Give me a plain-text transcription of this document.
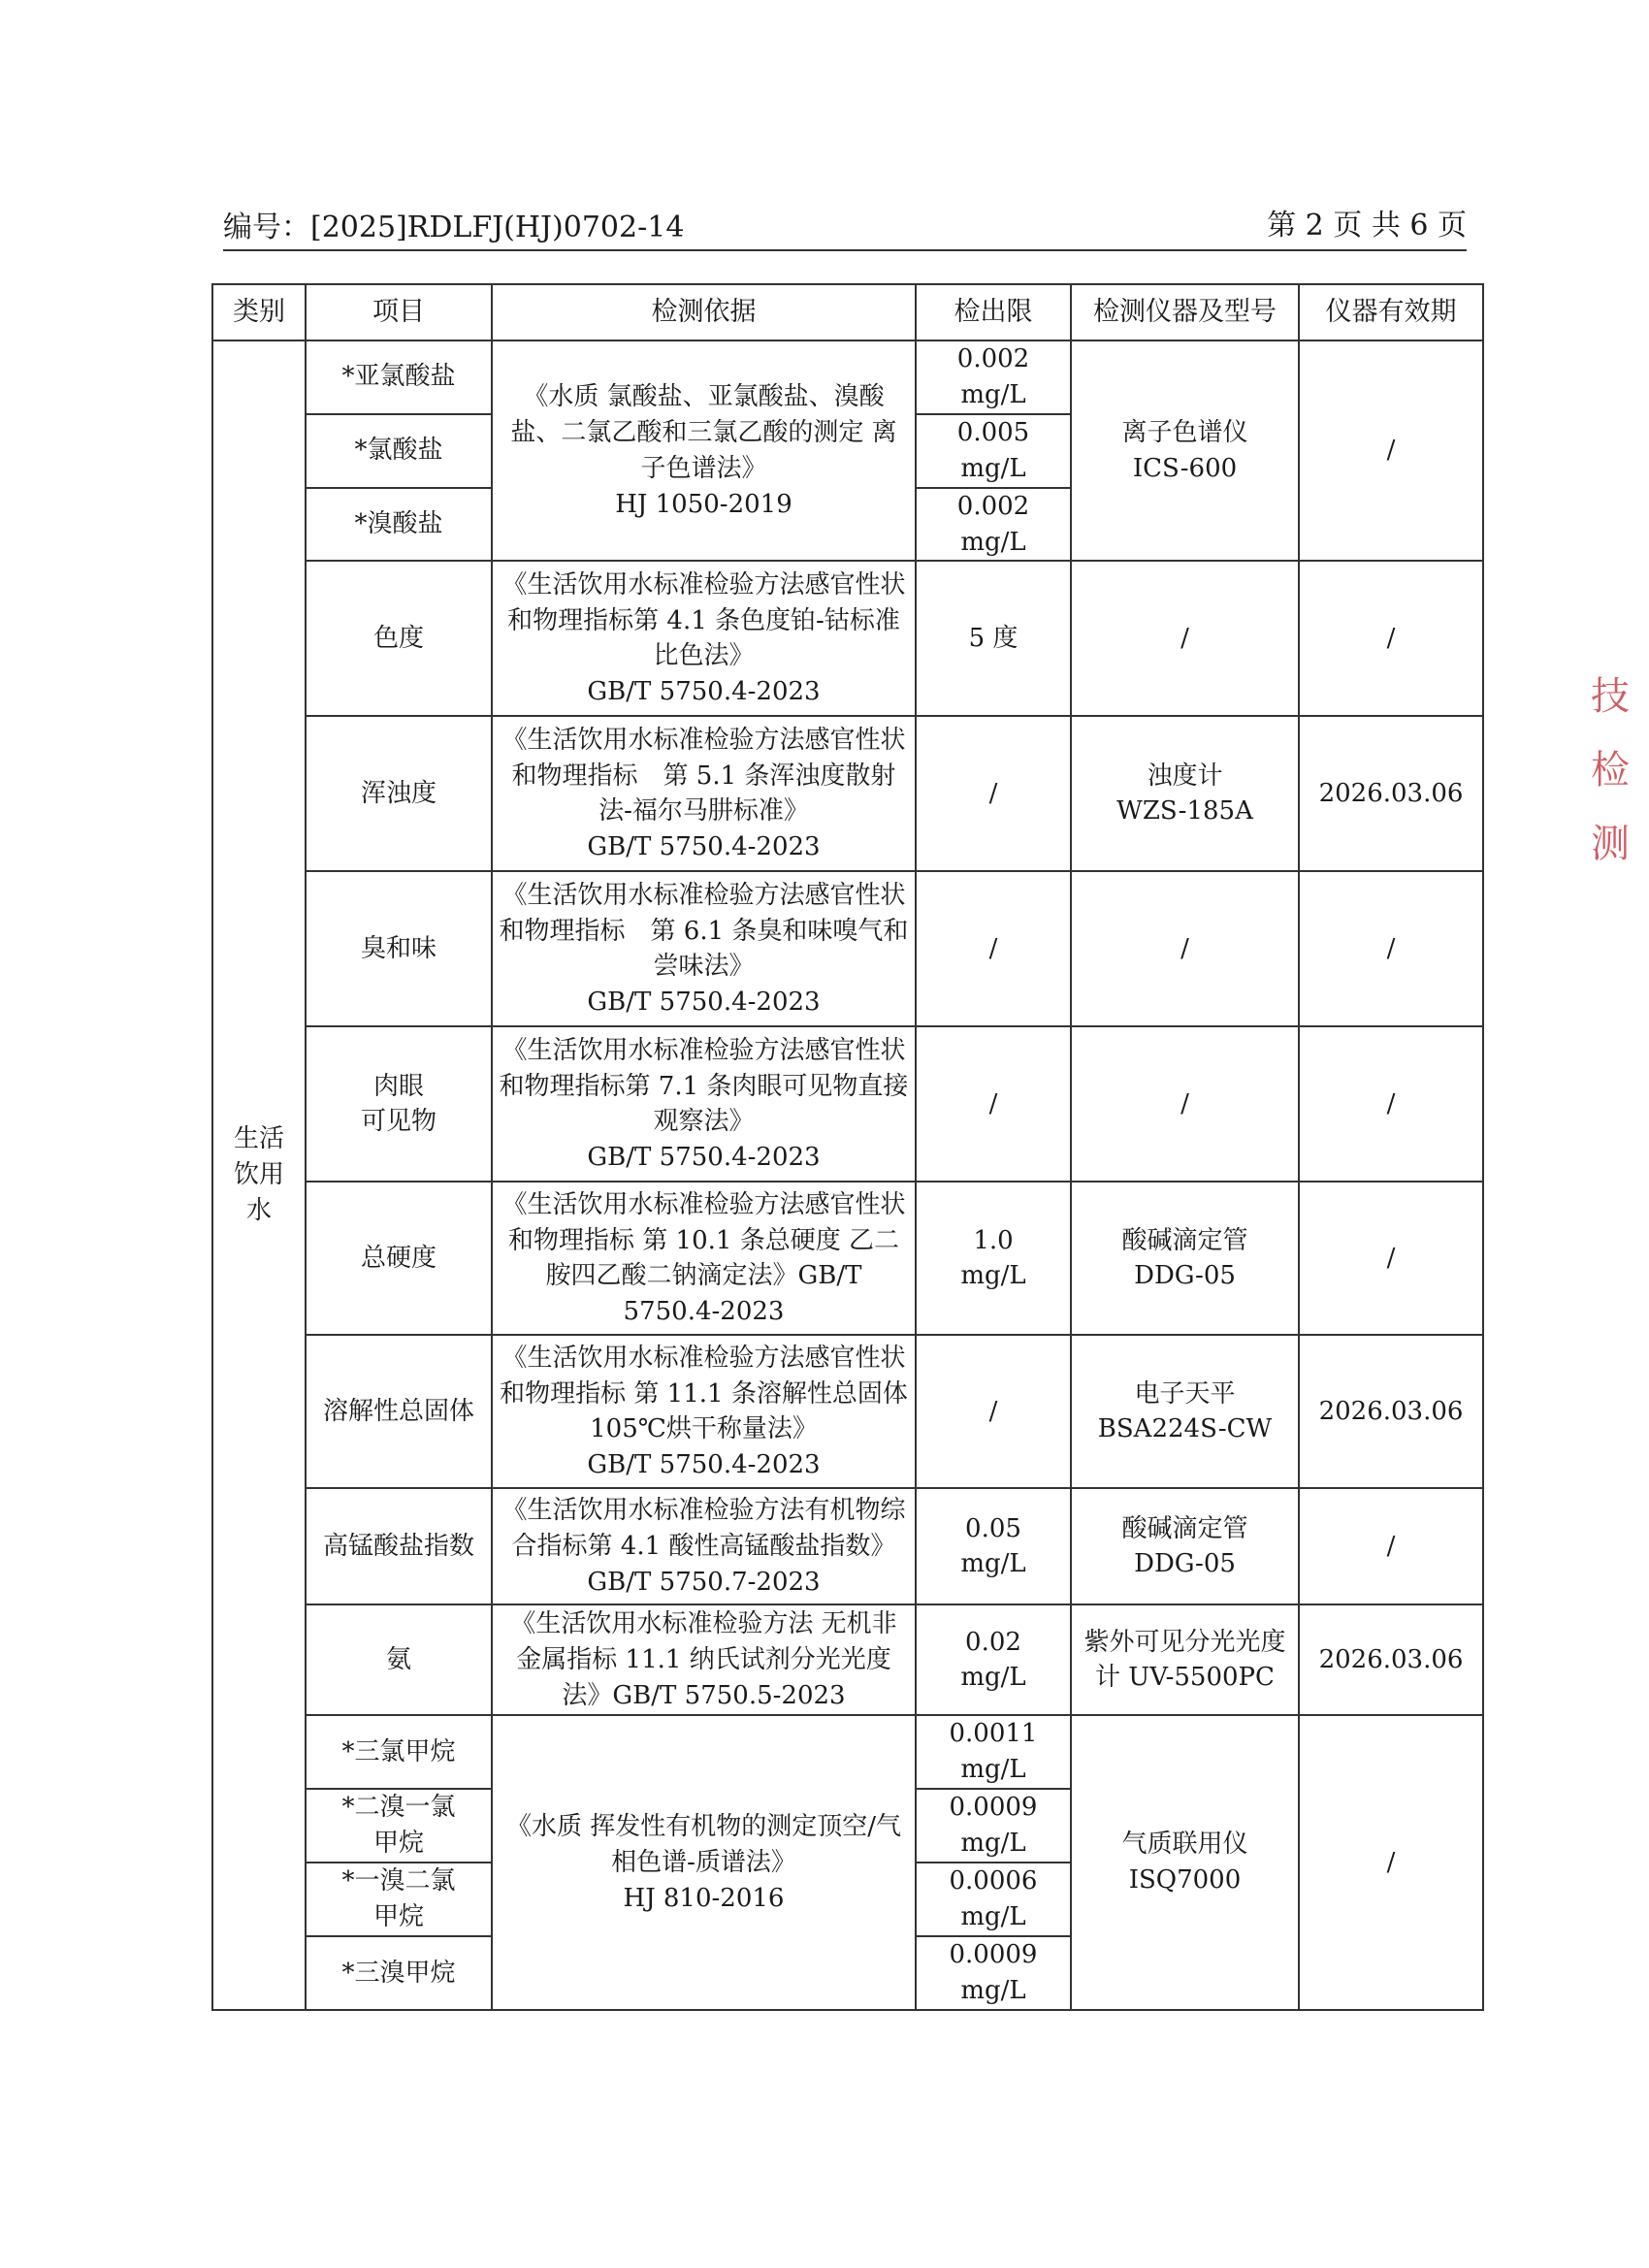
编号：[2025]RDLFJ(HJ)0702-14	第 2 页 共 6 页
类别	项目	检测依据	检出限	检测仪器及型号	仪器有效期
生活
饮用
水	*亚氯酸盐	《水质 氯酸盐、亚氯酸盐、溴酸盐、二氯乙酸和三氯乙酸的测定 离子色谱法》
HJ 1050-2019	0.002
mg/L	离子色谱仪
ICS-600	/
	*氯酸盐		0.005
mg/L		
	*溴酸盐		0.002
mg/L		
	色度	《生活饮用水标准检验方法感官性状和物理指标第 4.1 条色度铂-钴标准比色法》
GB/T 5750.4-2023	5 度	/	/
	浑浊度	《生活饮用水标准检验方法感官性状和物理指标　第 5.1 条浑浊度散射法-福尔马肼标准》
GB/T 5750.4-2023	/	浊度计
WZS-185A	2026.03.06
	臭和味	《生活饮用水标准检验方法感官性状和物理指标　第 6.1 条臭和味嗅气和尝味法》
GB/T 5750.4-2023	/	/	/
	肉眼
可见物	《生活饮用水标准检验方法感官性状和物理指标第 7.1 条肉眼可见物直接观察法》
GB/T 5750.4-2023	/	/	/
	总硬度	《生活饮用水标准检验方法感官性状和物理指标 第 10.1 条总硬度 乙二胺四乙酸二钠滴定法》GB/T 5750.4-2023	1.0
mg/L	酸碱滴定管
DDG-05	/
	溶解性总固体	《生活饮用水标准检验方法感官性状和物理指标 第 11.1 条溶解性总固体 105℃烘干称量法》
GB/T 5750.4-2023	/	电子天平
BSA224S-CW	2026.03.06
	高锰酸盐指数	《生活饮用水标准检验方法有机物综合指标第 4.1 酸性高锰酸盐指数》GB/T 5750.7-2023	0.05
mg/L	酸碱滴定管
DDG-05	/
	氨	《生活饮用水标准检验方法 无机非金属指标 11.1 纳氏试剂分光光度法》GB/T 5750.5-2023	0.02
mg/L	紫外可见分光光度计 UV-5500PC	2026.03.06
	*三氯甲烷	《水质 挥发性有机物的测定顶空/气相色谱-质谱法》
HJ 810-2016	0.0011
mg/L	气质联用仪
ISQ7000	/
	*二溴一氯
甲烷		0.0009
mg/L		
	*一溴二氯
甲烷		0.0006
mg/L		
	*三溴甲烷		0.0009
mg/L		
技 检 测
